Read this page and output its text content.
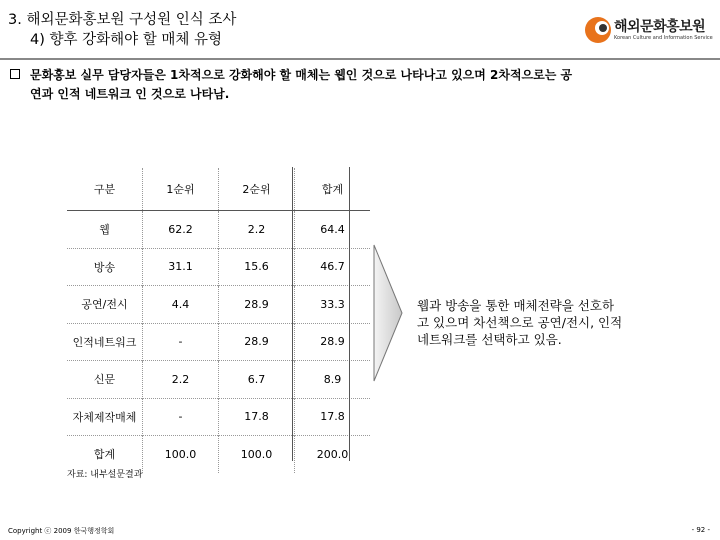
3. 해외문화홍보원 구성원 인식 조사
4) 향후 강화해야 할 매체 유형
해외문화홍보원
Korean Culture and Information Service
문화홍보 실무 담당자들은 1차적으로 강화해야 할 매체는 웹인 것으로 나타나고 있으며 2차적으로는 공
연과 인적 네트워크 인 것으로 나타남.
구분	1순위	2순위	합계
웹	62.2	2.2	64.4
방송	31.1	15.6	46.7
공연/전시	4.4	28.9	33.3
인적네트워크	-	28.9	28.9
신문	2.2	6.7	8.9
자체제작매체	-	17.8	17.8
합계	100.0	100.0	200.0
웹과 방송을 통한 매체전략을 선호하
고 있으며 차선책으로 공연/전시, 인적
네트워크를 선택하고 있음.
자료: 내부설문결과
Copyright ⓒ 2009 한국행정학회	- 92 -
